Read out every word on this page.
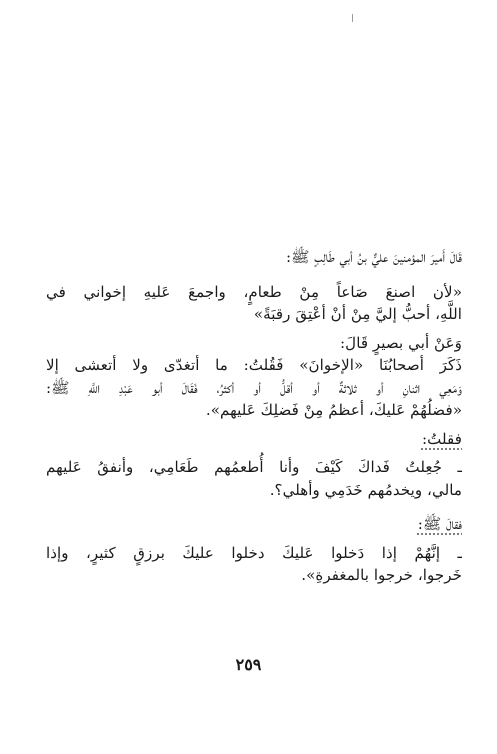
قَالَ أَميرَ المؤمنينَ عليٌّ بنُ أبي طَالِبٍ ﷺ:

«لأن اصنعَ صَاعاً مِنْ طعامٍ، واجمعَ عَليهِ إخواني في
اللَّهِ، أحبُّ إليَّ مِنْ أنْ أعْتِقَ رقبَةً»

وَعَنْ أبي بصيرٍ قَالَ:

ذَكَرَ أصحابُنَا «الإخوانَ» فَقُلتُ: ما أتغدّى ولا أتعشى إلا
وَمَعِي اثنانِ أو ثلاثةٌ أو أقلُّ أو أكثرُ، فَقَالَ أبو عَبْدِ اللَّهِ ﷺ:
«فضلُهُمْ عَليكَ، أعظمُ مِنْ فَضلِكَ عَليهم».

فقلتُ:

ـ جُعِلتُ فَداكَ كَيْفَ وأنا أُطعمُهم طَعَامِي، وأنفقُ عَليهم
مالي، ويخدمُهم خَدَمِي وأهلي؟.

فقالَ ﷺ:

ـ إنَّهُمْ إذا دَخلوا عَليكَ دخلوا عليكَ برزقٍ كثيرٍ، وإذا
خَرجوا، خرجوا بالمغفرةِ».

٢٥٩
